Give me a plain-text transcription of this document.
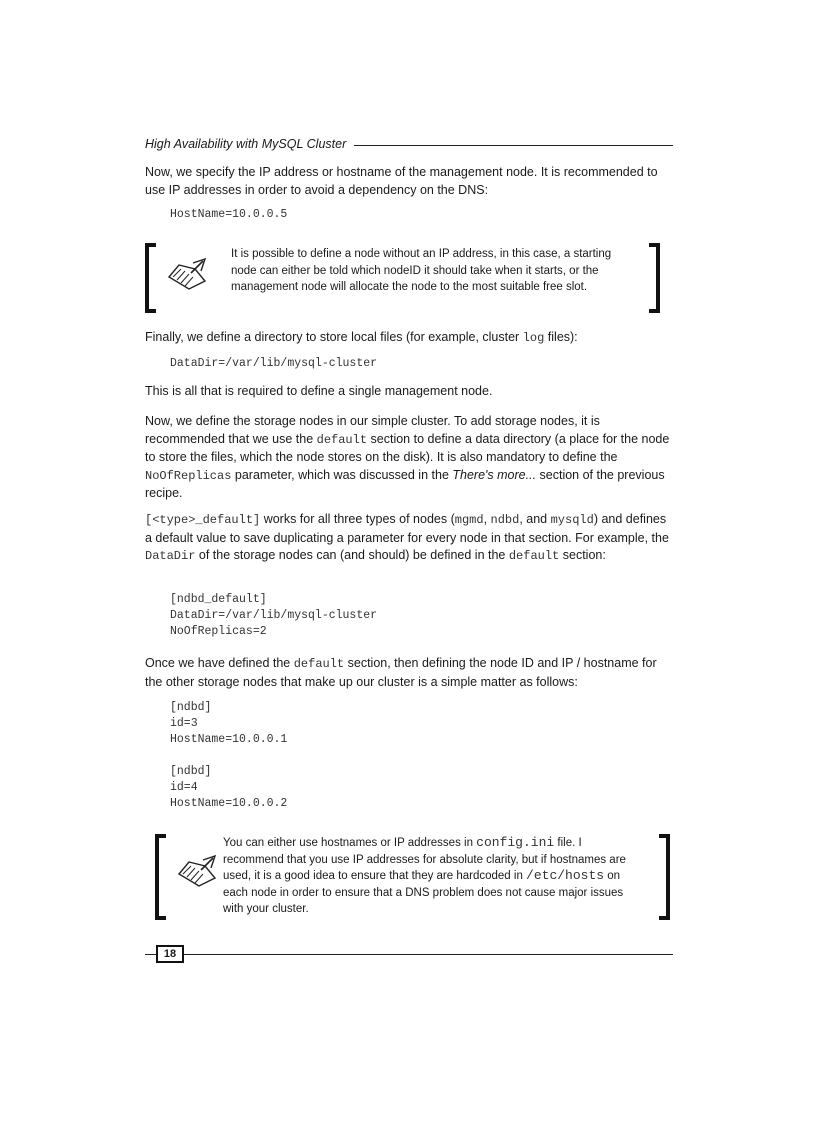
High Availability with MySQL Cluster
Now, we specify the IP address or hostname of the management node. It is recommended to use IP addresses in order to avoid a dependency on the DNS:
HostName=10.0.0.5
It is possible to define a node without an IP address, in this case, a starting node can either be told which nodeID it should take when it starts, or the management node will allocate the node to the most suitable free slot.
Finally, we define a directory to store local files (for example, cluster log files):
DataDir=/var/lib/mysql-cluster
This is all that is required to define a single management node.
Now, we define the storage nodes in our simple cluster. To add storage nodes, it is recommended that we use the default section to define a data directory (a place for the node to store the files, which the node stores on the disk). It is also mandatory to define the NoOfReplicas parameter, which was discussed in the There's more... section of the previous recipe.
[<type>_default] works for all three types of nodes (mgmd, ndbd, and mysqld) and defines a default value to save duplicating a parameter for every node in that section. For example, the DataDir of the storage nodes can (and should) be defined in the default section:
[ndbd_default]
DataDir=/var/lib/mysql-cluster
NoOfReplicas=2
Once we have defined the default section, then defining the node ID and IP / hostname for the other storage nodes that make up our cluster is a simple matter as follows:
[ndbd]
id=3
HostName=10.0.0.1

[ndbd]
id=4
HostName=10.0.0.2
You can either use hostnames or IP addresses in config.ini file. I recommend that you use IP addresses for absolute clarity, but if hostnames are used, it is a good idea to ensure that they are hardcoded in /etc/hosts on each node in order to ensure that a DNS problem does not cause major issues with your cluster.
18
